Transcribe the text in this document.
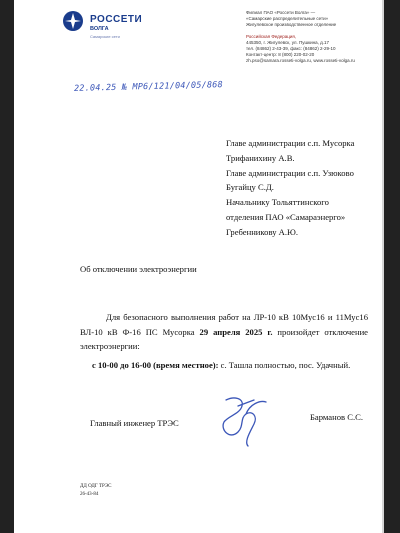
РОССЕТИ
ВОЛГА
Самарские сети
Филиал ПАО «Россети Волга» —
«Самарские распределительные сети»
Жигулевское производственное отделение
Российская Федерация,
445350, г. Жигулевск, ул. Пушкина, д.17
тел. (84862) 2-43-39, факс: (84862) 2-29-10
Контакт-центр: 8 (800) 220-02-20
zh.pso@samara.rosseti-volga.ru, www.rosseti-volga.ru
22.04.25 № МР6/121/04/05/868
Главе администрации с.п. Мусорка
Трифанихину А.В.
Главе администрации с.п. Узюково
Бугайцу С.Д.
Начальнику Тольяттинского
отделения ПАО «Самараэнерго»
Гребенникову А.Ю.
Об отключении электроэнергии

Для безопасного выполнения работ на ЛР-10 кВ 10Мус16 и 11Мус16 ВЛ-10 кВ Ф-16 ПС Мусорка 29 апреля 2025 г. произойдет отключение электроэнергии:

с 10-00 до 16-00 (время местное): с. Ташла полностью, пос. Удачный.

Главный инженер ТРЭС
Барманов С.С.
ДД ОДГ ТРЭС
26-43-84
